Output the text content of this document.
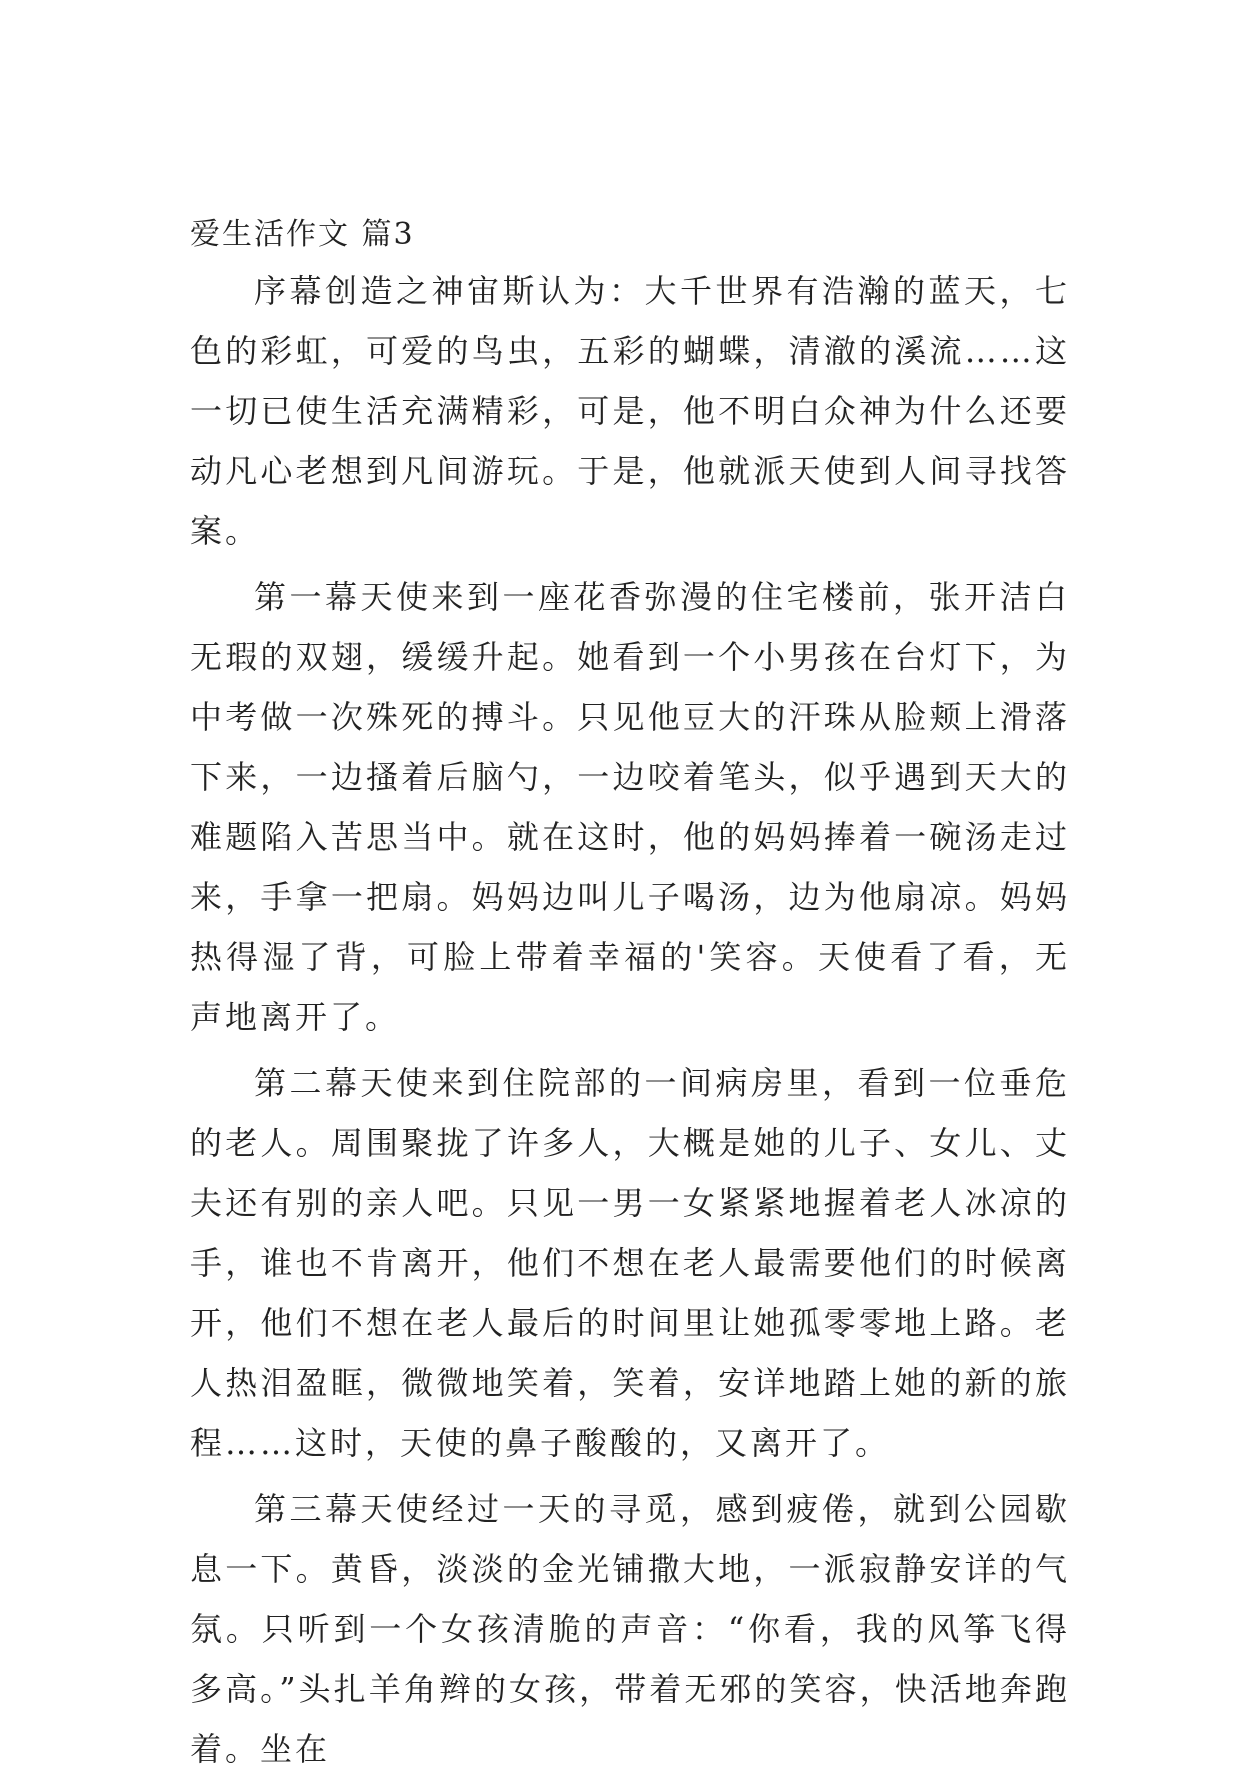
爱生活作文 篇3

序幕创造之神宙斯认为：大千世界有浩瀚的蓝天，七色的彩虹，可爱的鸟虫，五彩的蝴蝶，清澈的溪流……这一切已使生活充满精彩，可是，他不明白众神为什么还要动凡心老想到凡间游玩。于是，他就派天使到人间寻找答案。

第一幕天使来到一座花香弥漫的住宅楼前，张开洁白无瑕的双翅，缓缓升起。她看到一个小男孩在台灯下，为中考做一次殊死的搏斗。只见他豆大的汗珠从脸颊上滑落下来，一边搔着后脑勺，一边咬着笔头，似乎遇到天大的难题陷入苦思当中。就在这时，他的妈妈捧着一碗汤走过来，手拿一把扇。妈妈边叫儿子喝汤，边为他扇凉。妈妈热得湿了背，可脸上带着幸福的'笑容。天使看了看，无声地离开了。

第二幕天使来到住院部的一间病房里，看到一位垂危的老人。周围聚拢了许多人，大概是她的儿子、女儿、丈夫还有别的亲人吧。只见一男一女紧紧地握着老人冰凉的手，谁也不肯离开，他们不想在老人最需要他们的时候离开，他们不想在老人最后的时间里让她孤零零地上路。老人热泪盈眶，微微地笑着，笑着，安详地踏上她的新的旅程……这时，天使的鼻子酸酸的，又离开了。

第三幕天使经过一天的寻觅，感到疲倦，就到公园歇息一下。黄昏，淡淡的金光铺撒大地，一派寂静安详的气氛。只听到一个女孩清脆的声音：“你看，我的风筝飞得多高。”头扎羊角辫的女孩，带着无邪的笑容，快活地奔跑着。坐在
